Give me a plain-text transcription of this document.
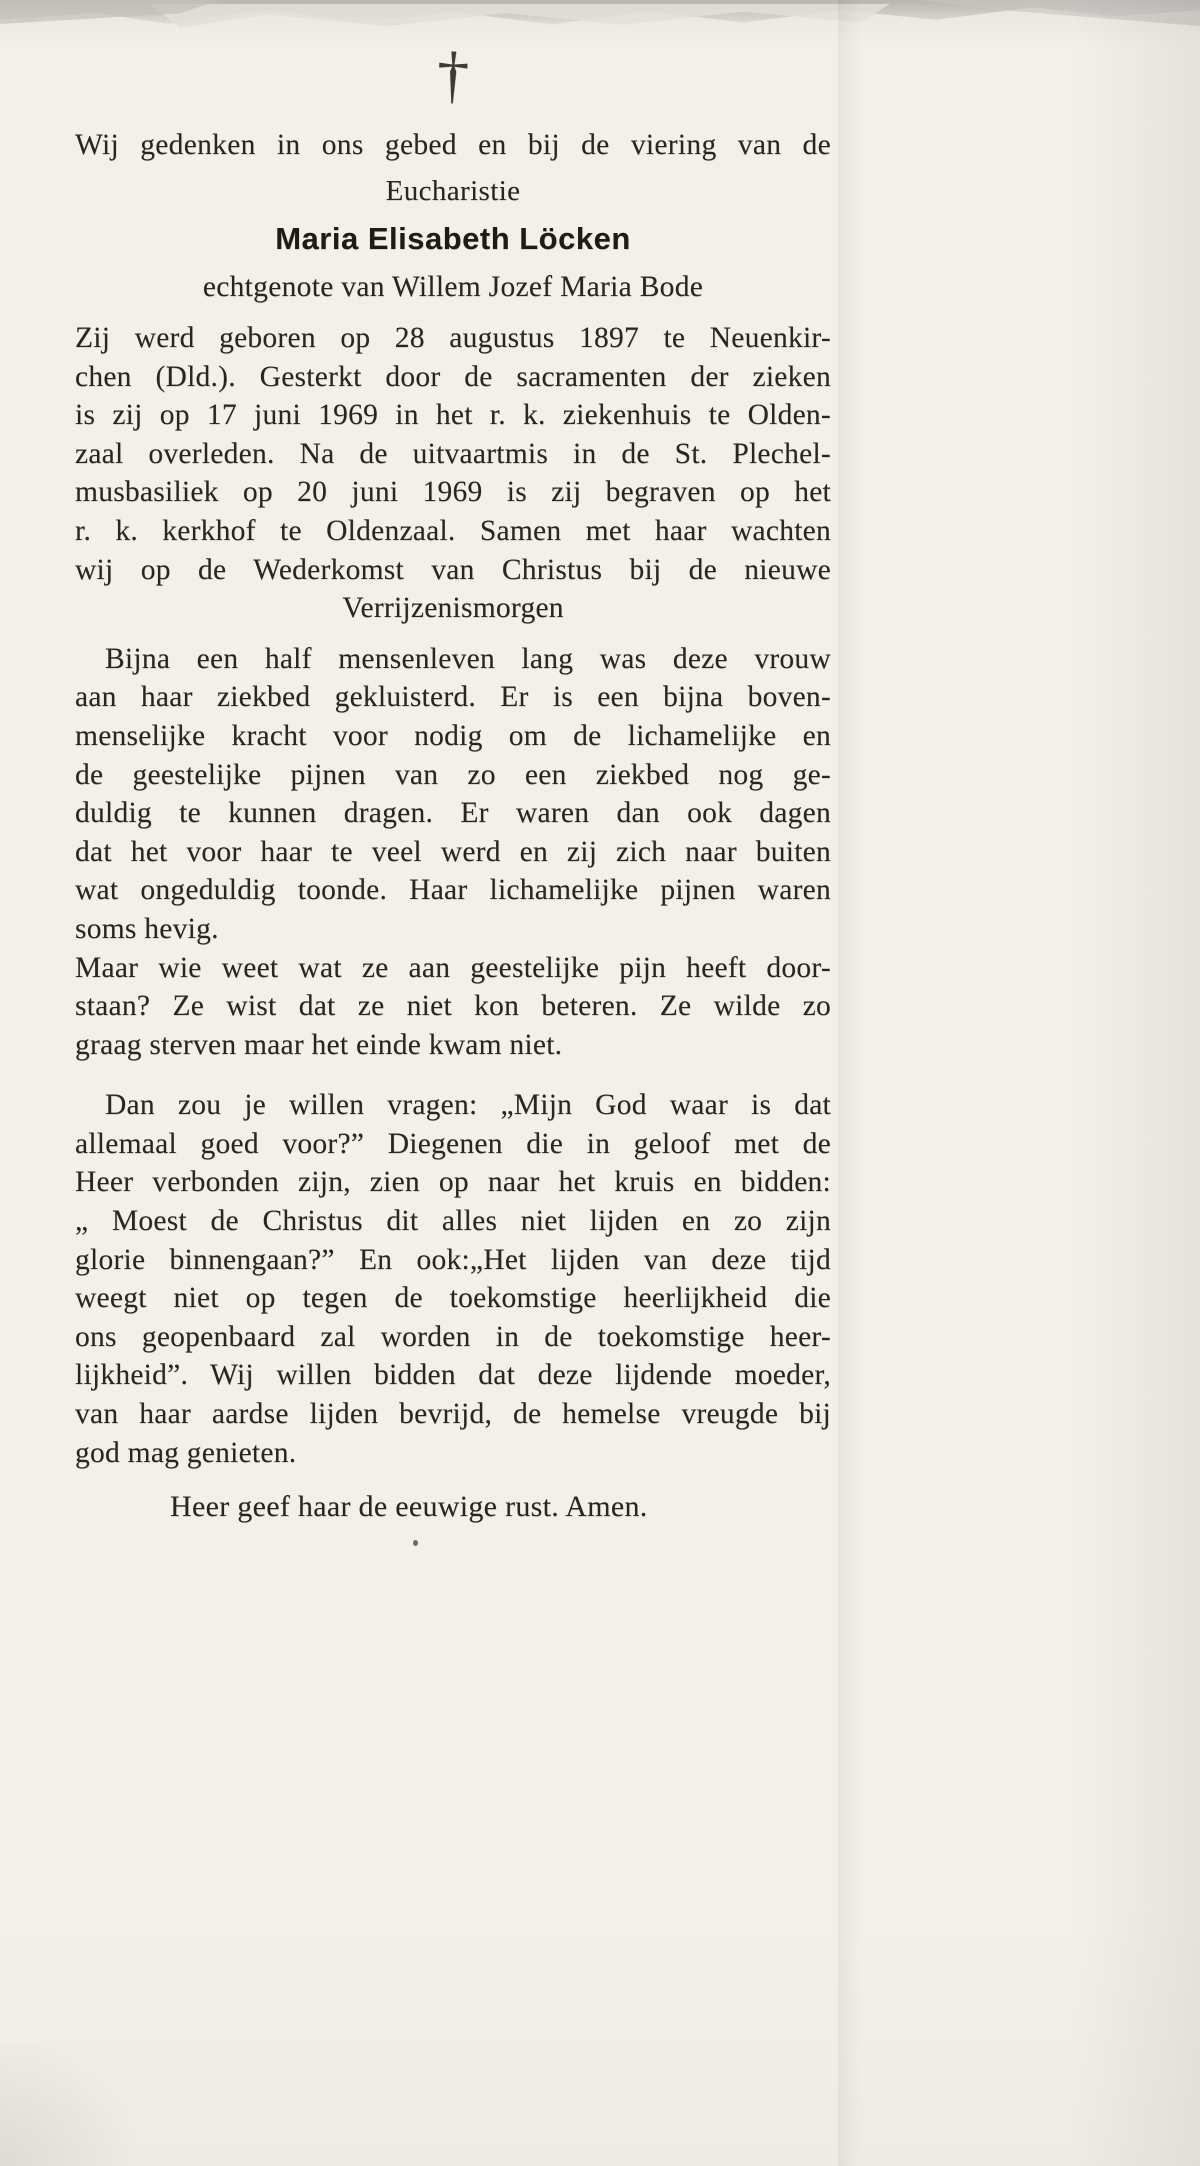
†
Wij gedenken in ons gebed en bij de viering van de
Eucharistie
Maria Elisabeth Löcken
echtgenote van Willem Jozef Maria Bode
Zij werd geboren op 28 augustus 1897 te Neuenkir-
chen (Dld.). Gesterkt door de sacramenten der zieken
is zij op 17 juni 1969 in het r. k. ziekenhuis te Olden-
zaal overleden. Na de uitvaartmis in de St. Plechel-
musbasiliek op 20 juni 1969 is zij begraven op het
r. k. kerkhof te Oldenzaal. Samen met haar wachten
wij op de Wederkomst van Christus bij de nieuwe
Verrijzenismorgen
Bijna een half mensenleven lang was deze vrouw
aan haar ziekbed gekluisterd. Er is een bijna boven-
menselijke kracht voor nodig om de lichamelijke en
de geestelijke pijnen van zo een ziekbed nog ge-
duldig te kunnen dragen. Er waren dan ook dagen
dat het voor haar te veel werd en zij zich naar buiten
wat ongeduldig toonde. Haar lichamelijke pijnen waren
soms hevig.
Maar wie weet wat ze aan geestelijke pijn heeft door-
staan? Ze wist dat ze niet kon beteren. Ze wilde zo
graag sterven maar het einde kwam niet.
Dan zou je willen vragen: „Mijn God waar is dat
allemaal goed voor?” Diegenen die in geloof met de
Heer verbonden zijn, zien op naar het kruis en bidden:
„ Moest de Christus dit alles niet lijden en zo zijn
glorie binnengaan?” En ook:„Het lijden van deze tijd
weegt niet op tegen de toekomstige heerlijkheid die
ons geopenbaard zal worden in de toekomstige heer-
lijkheid”. Wij willen bidden dat deze lijdende moeder,
van haar aardse lijden bevrijd, de hemelse vreugde bij
god mag genieten.
Heer geef haar de eeuwige rust. Amen.
